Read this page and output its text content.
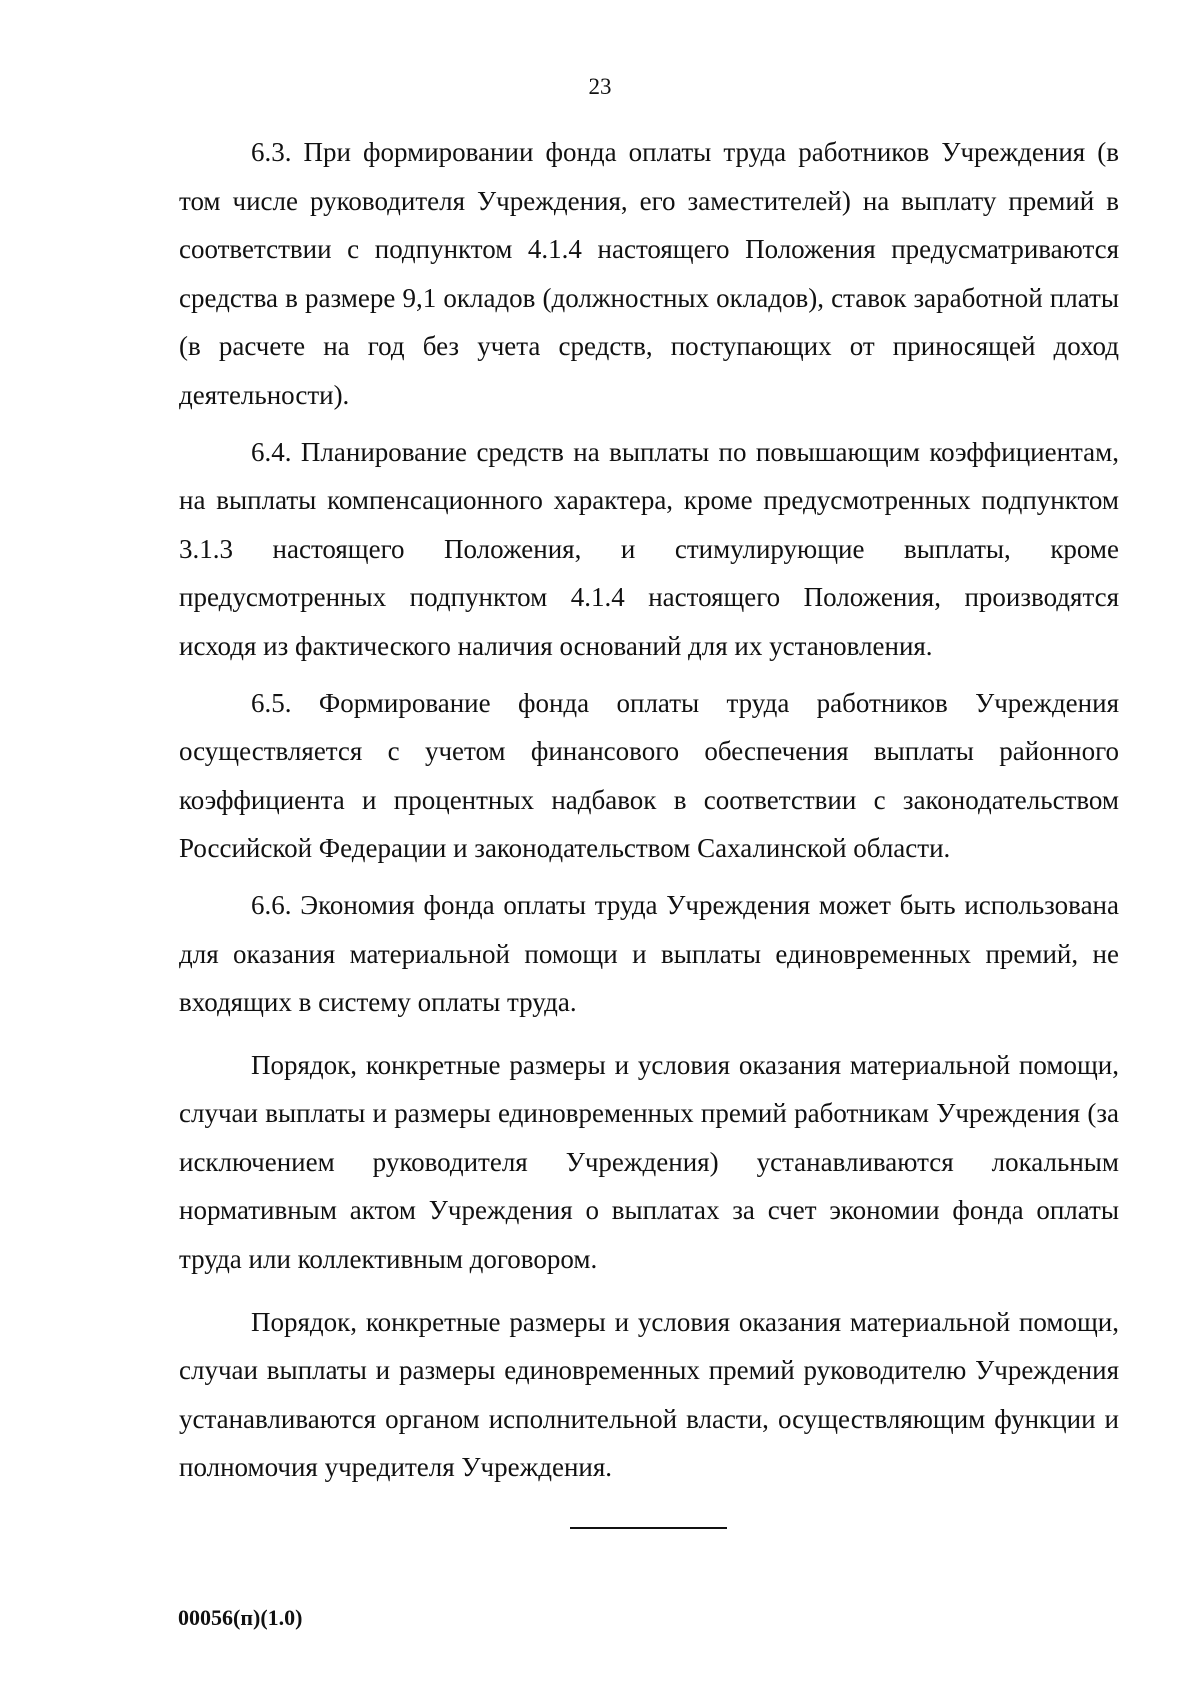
23

6.3. При формировании фонда оплаты труда работников Учреждения (в том числе руководителя Учреждения, его заместителей) на выплату премий в соответствии с подпунктом 4.1.4 настоящего Положения предусматриваются средства в размере 9,1 окладов (должностных окладов), ставок заработной платы (в расчете на год без учета средств, поступающих от приносящей доход деятельности).

6.4. Планирование средств на выплаты по повышающим коэффициентам, на выплаты компенсационного характера, кроме предусмотренных подпунктом 3.1.3 настоящего Положения, и стимулирующие выплаты, кроме предусмотренных подпунктом 4.1.4 настоящего Положения, производятся исходя из фактического наличия оснований для их установления.

6.5. Формирование фонда оплаты труда работников Учреждения осуществляется с учетом финансового обеспечения выплаты районного коэффициента и процентных надбавок в соответствии с законодательством Российской Федерации и законодательством Сахалинской области.

6.6. Экономия фонда оплаты труда Учреждения может быть использована для оказания материальной помощи и выплаты единовременных премий, не входящих в систему оплаты труда.

Порядок, конкретные размеры и условия оказания материальной помощи, случаи выплаты и размеры единовременных премий работникам Учреждения (за исключением руководителя Учреждения) устанавливаются локальным нормативным актом Учреждения о выплатах за счет экономии фонда оплаты труда или коллективным договором.

Порядок, конкретные размеры и условия оказания материальной помощи, случаи выплаты и размеры единовременных премий руководителю Учреждения устанавливаются органом исполнительной власти, осуществляющим функции и полномочия учредителя Учреждения.

00056(п)(1.0)
